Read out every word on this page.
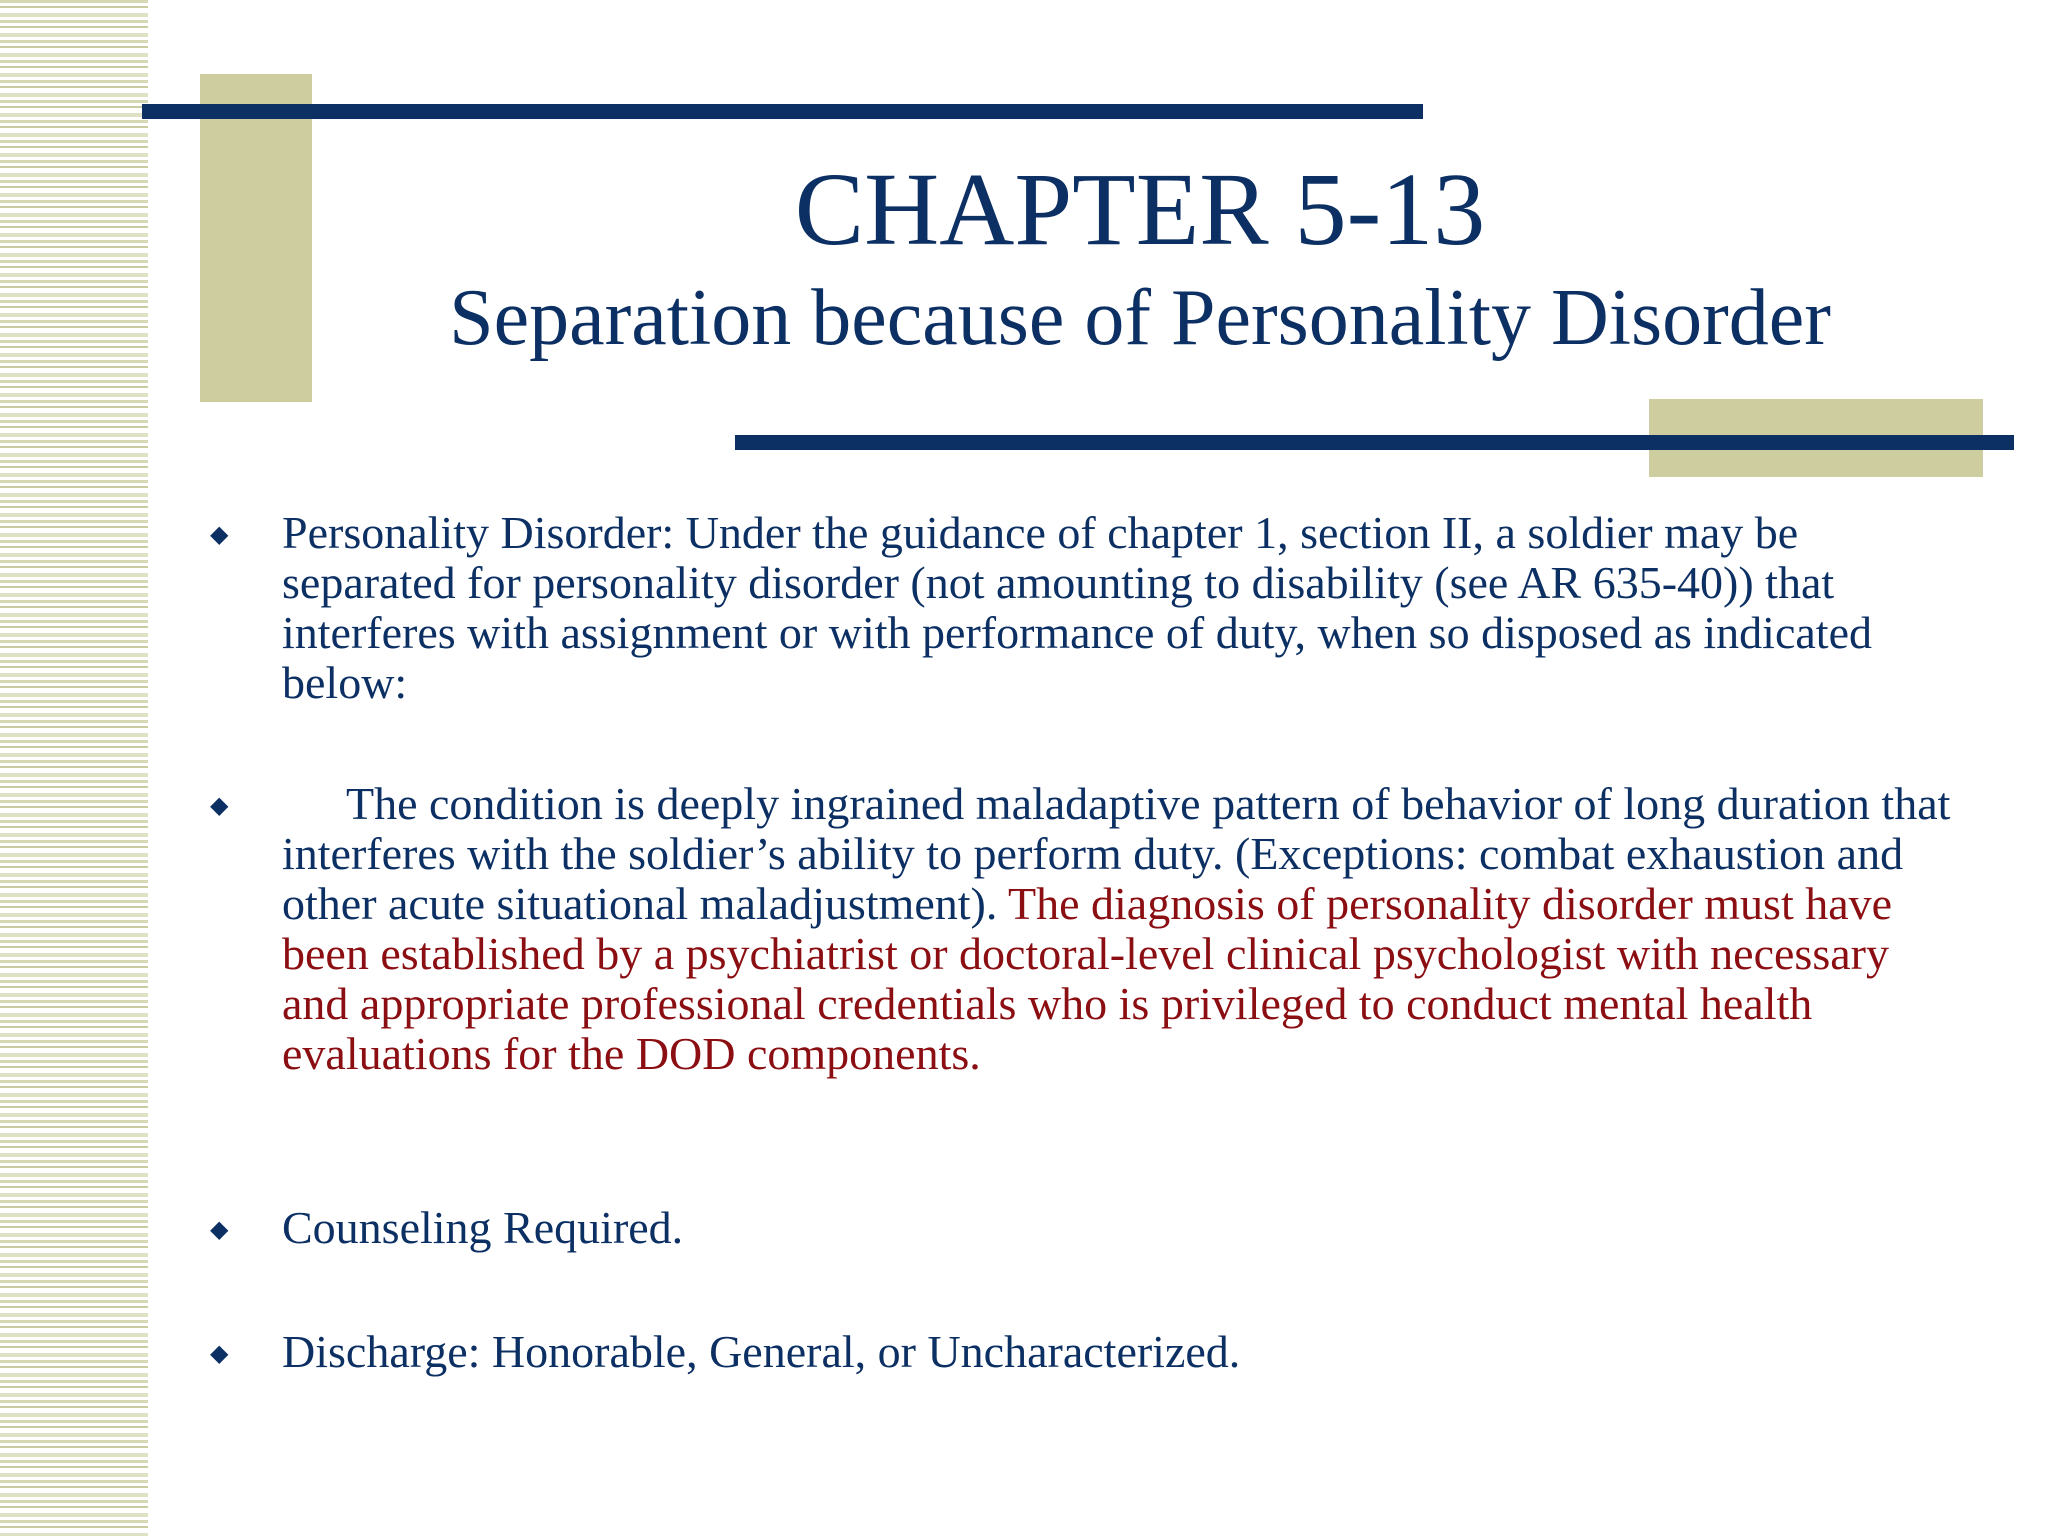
CHAPTER 5-13
Separation because of Personality Disorder
◆ Personality Disorder: Under the guidance of chapter 1, section II, a soldier may be separated for personality disorder (not amounting to disability (see AR 635-40)) that interferes with assignment or with performance of duty, when so disposed as indicated below:
◆	The condition is deeply ingrained maladaptive pattern of behavior of long duration that interferes with the soldier’s ability to perform duty. (Exceptions: combat exhaustion and other acute situational maladjustment). The diagnosis of personality disorder must have been established by a psychiatrist or doctoral-level clinical psychologist with necessary and appropriate professional credentials who is privileged to conduct mental health evaluations for the DOD components.
◆ Counseling Required.
◆ Discharge: Honorable, General, or Uncharacterized.
